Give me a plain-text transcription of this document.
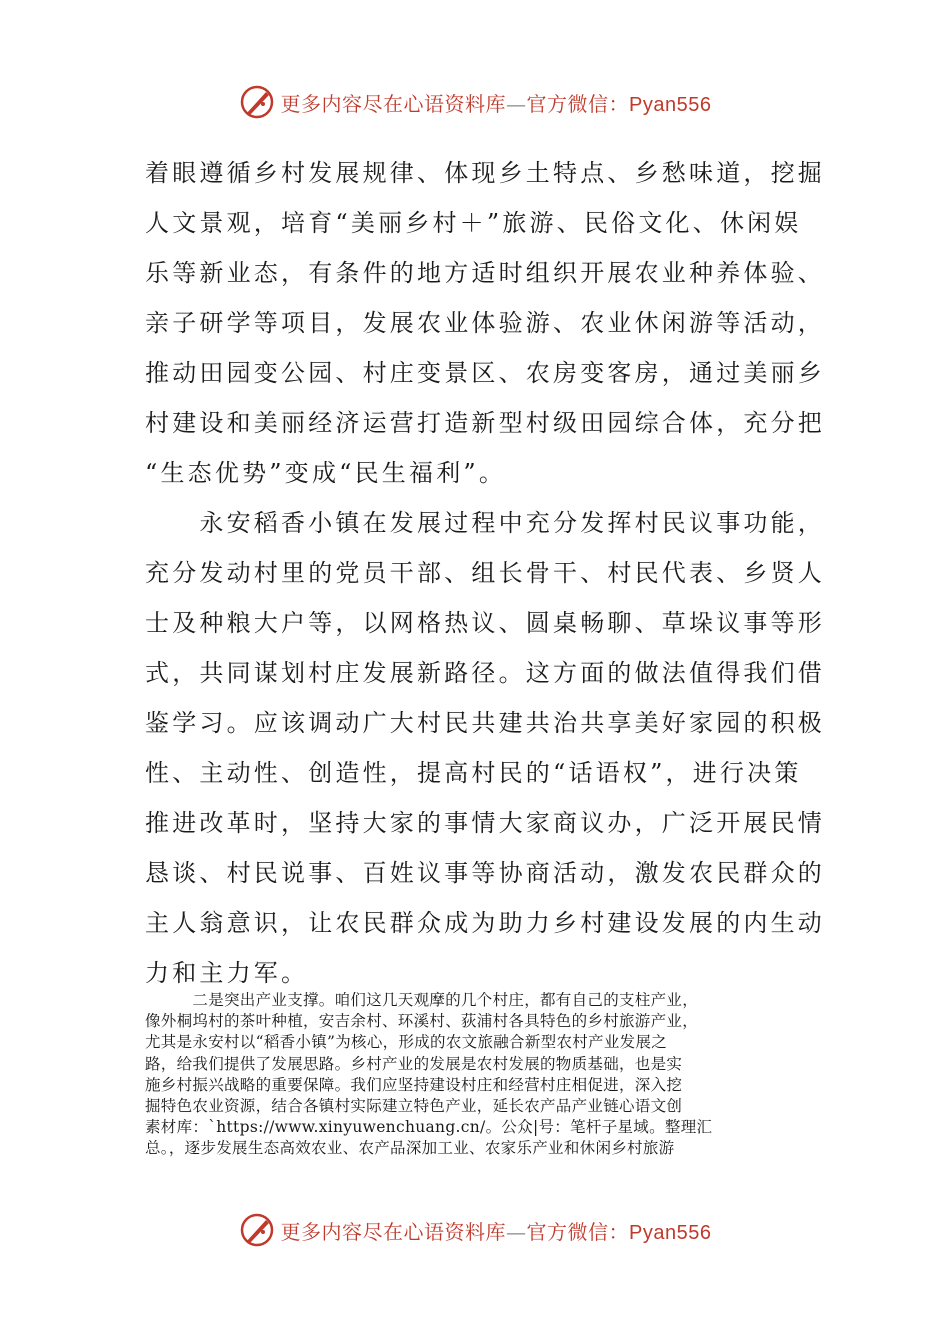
更多内容尽在心语资料库—官方微信：Pyan556
着眼遵循乡村发展规律、体现乡土特点、乡愁味道，挖掘
人文景观，培育“美丽乡村＋”旅游、民俗文化、休闲娱
乐等新业态，有条件的地方适时组织开展农业种养体验、
亲子研学等项目，发展农业体验游、农业休闲游等活动，
推动田园变公园、村庄变景区、农房变客房，通过美丽乡
村建设和美丽经济运营打造新型村级田园综合体，充分把
“生态优势”变成“民生福利”。
　　永安稻香小镇在发展过程中充分发挥村民议事功能，
充分发动村里的党员干部、组长骨干、村民代表、乡贤人
士及种粮大户等，以网格热议、圆桌畅聊、草垛议事等形
式，共同谋划村庄发展新路径。这方面的做法值得我们借
鉴学习。应该调动广大村民共建共治共享美好家园的积极
性、主动性、创造性，提高村民的“话语权”，进行决策
推进改革时，坚持大家的事情大家商议办，广泛开展民情
恳谈、村民说事、百姓议事等协商活动，激发农民群众的
主人翁意识，让农民群众成为助力乡村建设发展的内生动
力和主力军。
　　　二是突出产业支撑。咱们这几天观摩的几个村庄，都有自己的支柱产业，
像外桐坞村的茶叶种植，安吉余村、环溪村、荻浦村各具特色的乡村旅游产业，
尤其是永安村以“稻香小镇”为核心，形成的农文旅融合新型农村产业发展之
路，给我们提供了发展思路。乡村产业的发展是农村发展的物质基础，也是实
施乡村振兴战略的重要保障。我们应坚持建设村庄和经营村庄相促进，深入挖
掘特色农业资源，结合各镇村实际建立特色产业，延长农产品产业链心语文创
素材库：`https://www.xinyuwenchuang.cn/。公众|号：笔杆子星域。整理汇
总。，逐步发展生态高效农业、农产品深加工业、农家乐产业和休闲乡村旅游
更多内容尽在心语资料库—官方微信：Pyan556
